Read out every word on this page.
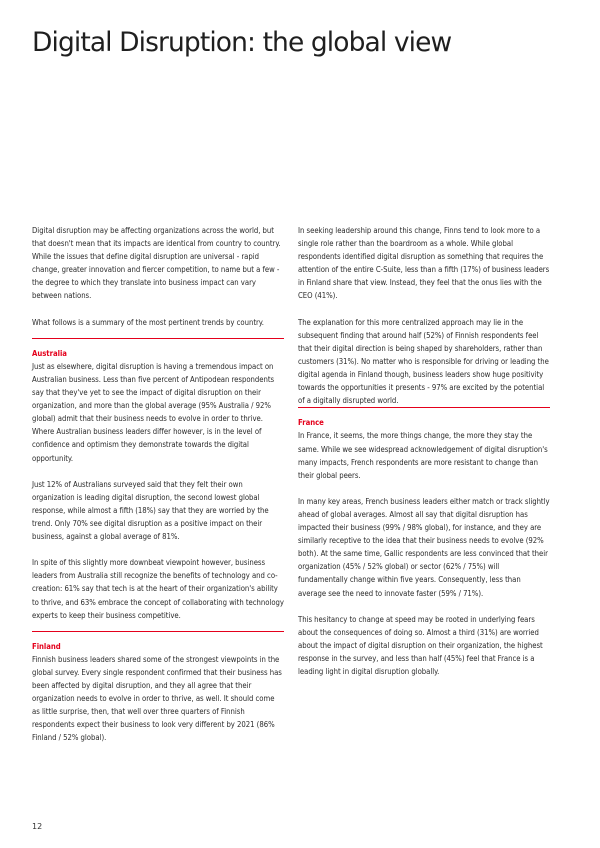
Digital Disruption: the global view

Digital disruption may be affecting organizations across the world, but that doesn't mean that its impacts are identical from country to country. While the issues that define digital disruption are universal - rapid change, greater innovation and fiercer competition, to name but a few - the degree to which they translate into business impact can vary between nations.

What follows is a summary of the most pertinent trends by country.

Australia

Just as elsewhere, digital disruption is having a tremendous impact on Australian business. Less than five percent of Antipodean respondents say that they've yet to see the impact of digital disruption on their organization, and more than the global average (95% Australia / 92% global) admit that their business needs to evolve in order to thrive. Where Australian business leaders differ however, is in the level of confidence and optimism they demonstrate towards the digital opportunity.

Just 12% of Australians surveyed said that they felt their own organization is leading digital disruption, the second lowest global response, while almost a fifth (18%) say that they are worried by the trend. Only 70% see digital disruption as a positive impact on their business, against a global average of 81%.

In spite of this slightly more downbeat viewpoint however, business leaders from Australia still recognize the benefits of technology and co-creation: 61% say that tech is at the heart of their organization's ability to thrive, and 63% embrace the concept of collaborating with technology experts to keep their business competitive.

Finland

Finnish business leaders shared some of the strongest viewpoints in the global survey. Every single respondent confirmed that their business has been affected by digital disruption, and they all agree that their organization needs to evolve in order to thrive, as well. It should come as little surprise, then, that well over three quarters of Finnish respondents expect their business to look very different by 2021 (86% Finland / 52% global).

In seeking leadership around this change, Finns tend to look more to a single role rather than the boardroom as a whole. While global respondents identified digital disruption as something that requires the attention of the entire C-Suite, less than a fifth (17%) of business leaders in Finland share that view. Instead, they feel that the onus lies with the CEO (41%).

The explanation for this more centralized approach may lie in the subsequent finding that around half (52%) of Finnish respondents feel that their digital direction is being shaped by shareholders, rather than customers (31%). No matter who is responsible for driving or leading the digital agenda in Finland though, business leaders show huge positivity towards the opportunities it presents - 97% are excited by the potential of a digitally disrupted world.

France

In France, it seems, the more things change, the more they stay the same. While we see widespread acknowledgement of digital disruption's many impacts, French respondents are more resistant to change than their global peers.

In many key areas, French business leaders either match or track slightly ahead of global averages. Almost all say that digital disruption has impacted their business (99% / 98% global), for instance, and they are similarly receptive to the idea that their business needs to evolve (92% both). At the same time, Gallic respondents are less convinced that their organization (45% / 52% global) or sector (62% / 75%) will fundamentally change within five years. Consequently, less than average see the need to innovate faster (59% / 71%).

This hesitancy to change at speed may be rooted in underlying fears about the consequences of doing so. Almost a third (31%) are worried about the impact of digital disruption on their organization, the highest response in the survey, and less than half (45%) feel that France is a leading light in digital disruption globally.

12
